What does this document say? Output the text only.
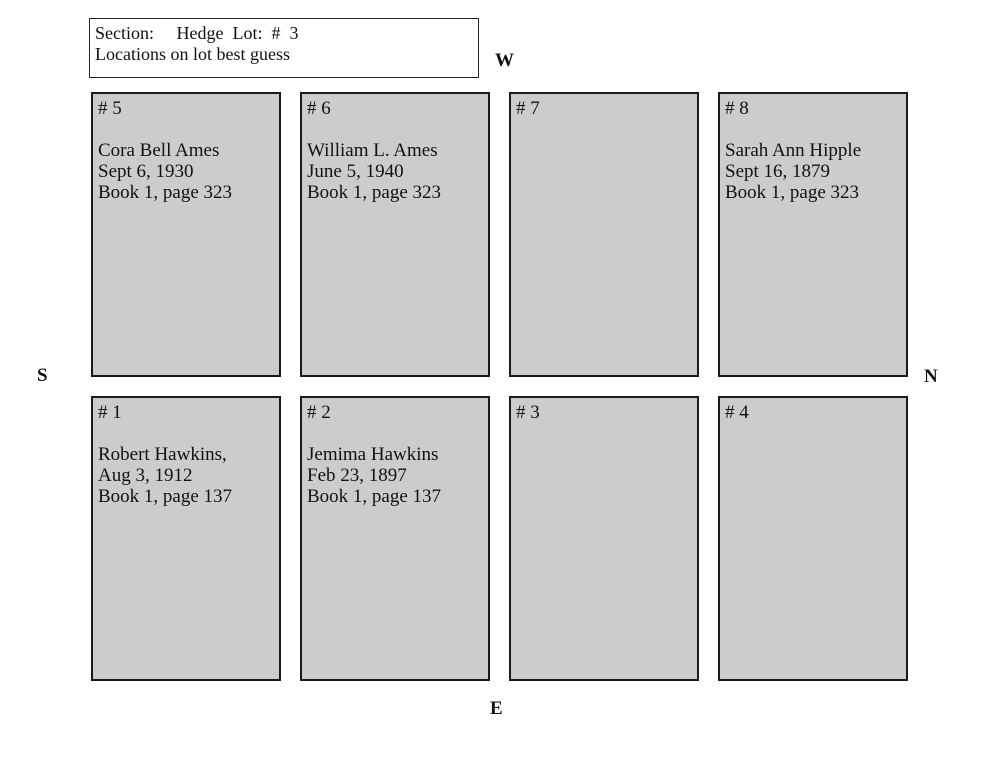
Section:     Hedge  Lot:  #  3
Locations on lot best guess	W
S	N
E
# 5
Cora Bell Ames
Sept 6, 1930
Book 1, page 323
# 6
William L. Ames
June 5, 1940
Book 1, page 323
# 7	# 8
Sarah Ann Hipple
Sept 16, 1879
Book 1, page 323
# 1
Robert Hawkins,
Aug 3, 1912
Book 1, page 137
# 2
Jemima Hawkins
Feb 23, 1897
Book 1, page 137
# 3	# 4
